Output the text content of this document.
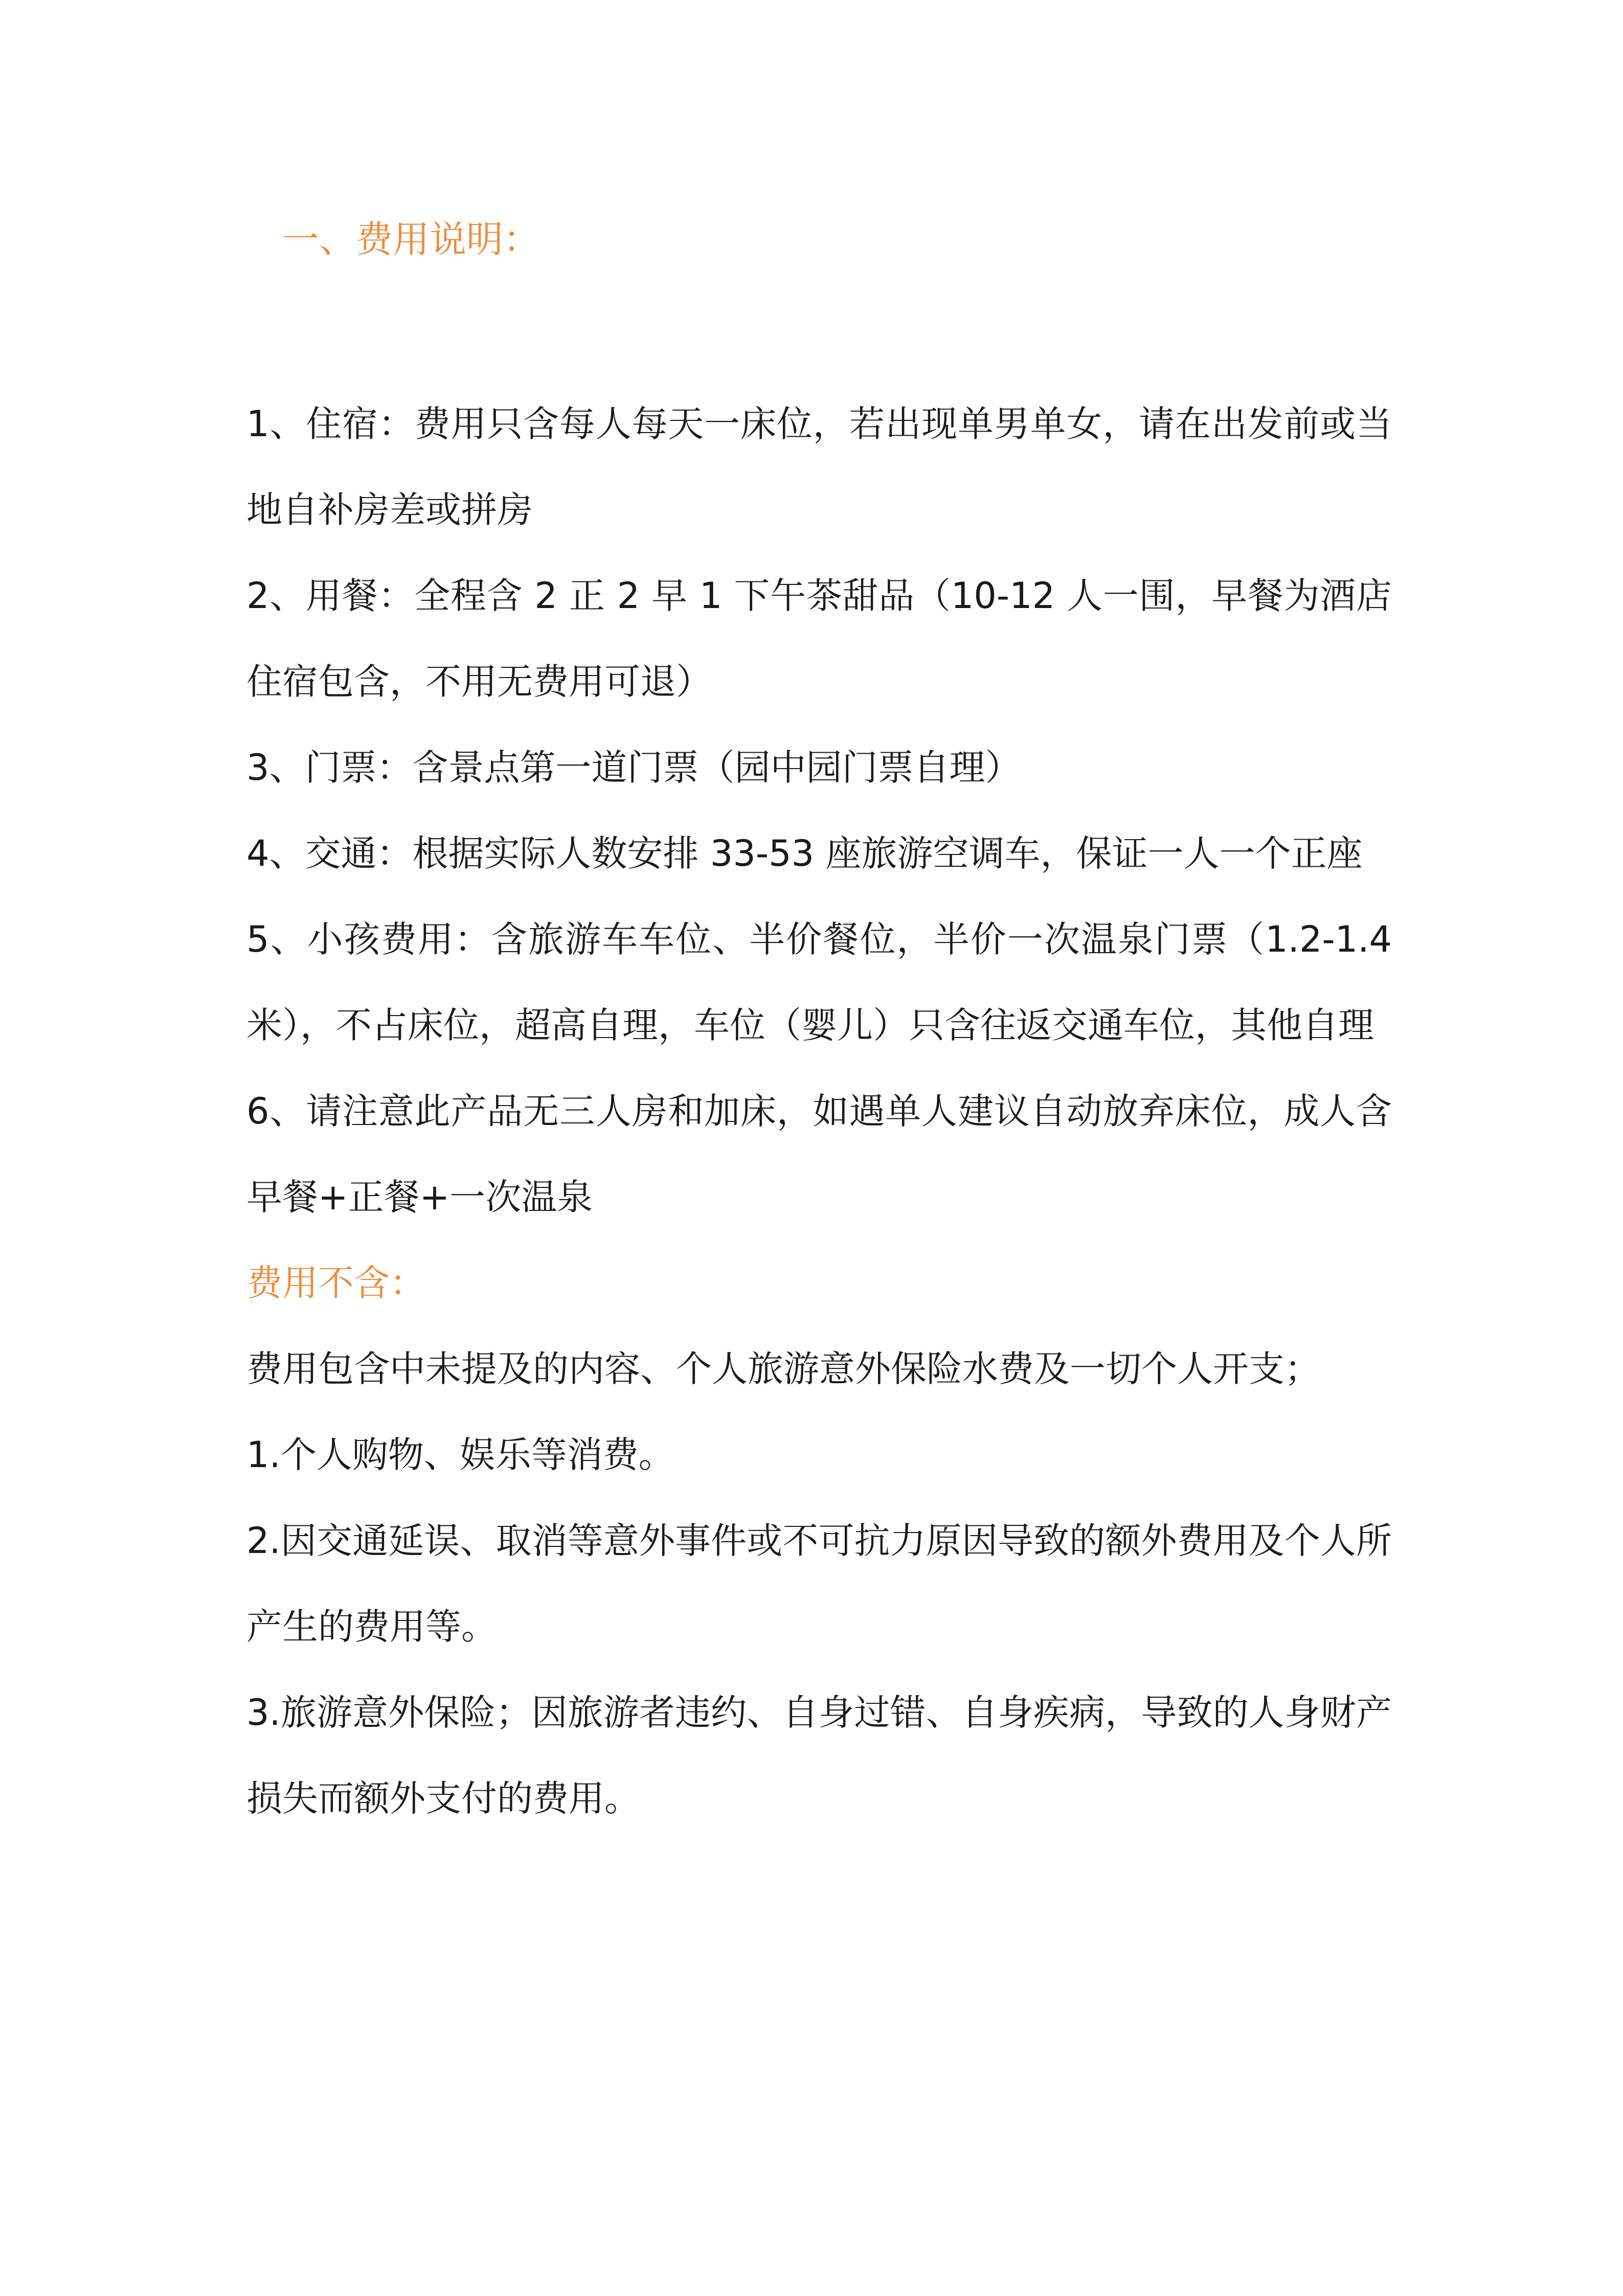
一、费用说明：

1、住宿：费用只含每人每天一床位，若出现单男单女，请在出发前或当地自补房差或拼房

2、用餐：全程含 2 正 2 早 1 下午茶甜品（10-12 人一围，早餐为酒店住宿包含，不用无费用可退）

3、门票：含景点第一道门票（园中园门票自理）

4、交通：根据实际人数安排 33-53 座旅游空调车，保证一人一个正座

5、小孩费用：含旅游车车位、半价餐位，半价一次温泉门票（1.2-1.4 米），不占床位，超高自理，车位（婴儿）只含往返交通车位，其他自理

6、请注意此产品无三人房和加床，如遇单人建议自动放弃床位，成人含早餐+正餐+一次温泉

费用不含：

费用包含中未提及的内容、个人旅游意外保险水费及一切个人开支；

1.个人购物、娱乐等消费。

2.因交通延误、取消等意外事件或不可抗力原因导致的额外费用及个人所产生的费用等。

3.旅游意外保险；因旅游者违约、自身过错、自身疾病，导致的人身财产损失而额外支付的费用。
